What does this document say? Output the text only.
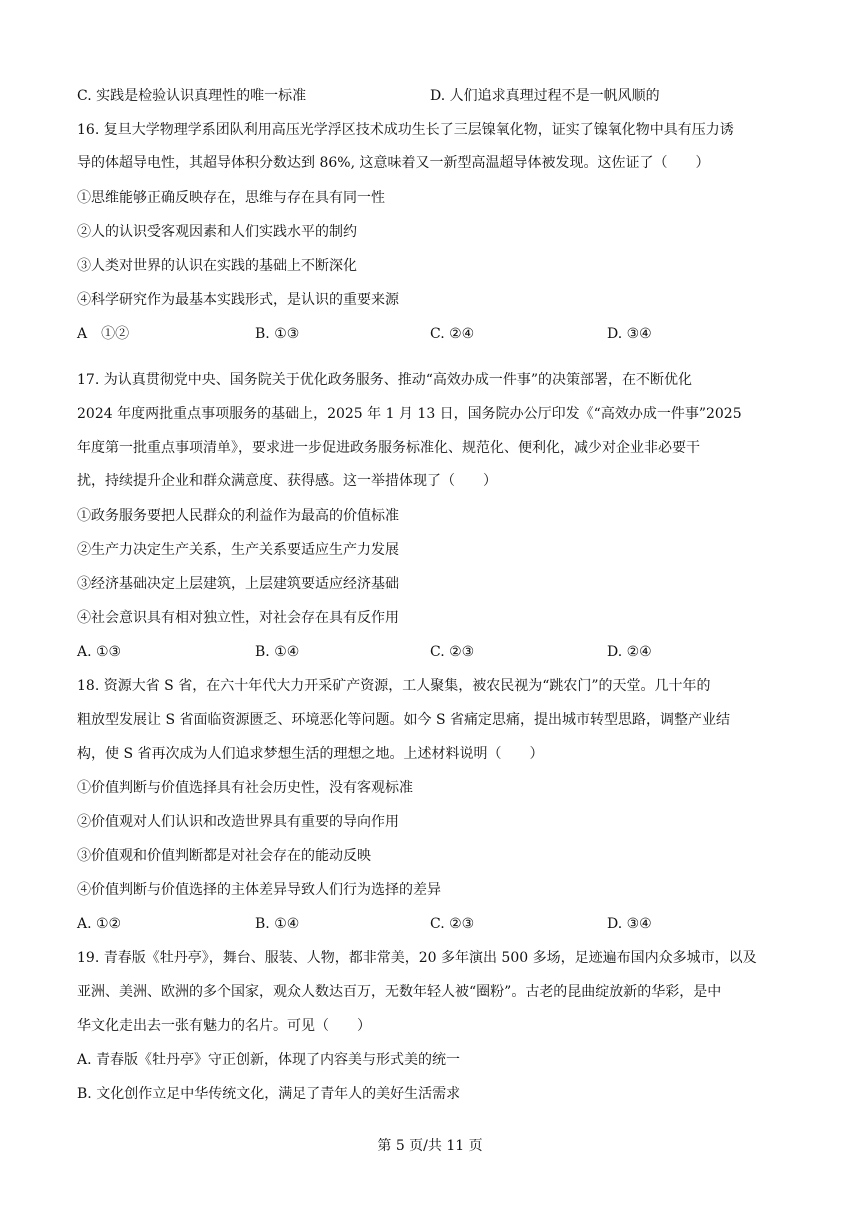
C. 实践是检验认识真理性的唯一标准	D. 人们追求真理过程不是一帆风顺的
16. 复旦大学物理学系团队利用高压光学浮区技术成功生长了三层镍氧化物，证实了镍氧化物中具有压力诱
导的体超导电性，其超导体积分数达到 86%, 这意味着又一新型高温超导体被发现。这佐证了（　　）
①思维能够正确反映存在，思维与存在具有同一性
②人的认识受客观因素和人们实践水平的制约
③人类对世界的认识在实践的基础上不断深化
④科学研究作为最基本实践形式，是认识的重要来源
A　①②	B. ①③	C. ②④	D. ③④
17. 为认真贯彻党中央、国务院关于优化政务服务、推动“高效办成一件事”的决策部署，在不断优化
2024 年度两批重点事项服务的基础上，2025 年 1 月 13 日，国务院办公厅印发《“高效办成一件事”2025
年度第一批重点事项清单》，要求进一步促进政务服务标准化、规范化、便利化，减少对企业非必要干
扰，持续提升企业和群众满意度、获得感。这一举措体现了（　　）
①政务服务要把人民群众的利益作为最高的价值标准
②生产力决定生产关系，生产关系要适应生产力发展
③经济基础决定上层建筑，上层建筑要适应经济基础
④社会意识具有相对独立性，对社会存在具有反作用
A. ①③	B. ①④	C. ②③	D. ②④
18. 资源大省 S 省，在六十年代大力开采矿产资源，工人聚集，被农民视为“跳农门”的天堂。几十年的
粗放型发展让 S 省面临资源匮乏、环境恶化等问题。如今 S 省痛定思痛，提出城市转型思路，调整产业结
构，使 S 省再次成为人们追求梦想生活的理想之地。上述材料说明（　　）
①价值判断与价值选择具有社会历史性，没有客观标准
②价值观对人们认识和改造世界具有重要的导向作用
③价值观和价值判断都是对社会存在的能动反映
④价值判断与价值选择的主体差异导致人们行为选择的差异
A. ①②	B. ①④	C. ②③	D. ③④
19. 青春版《牡丹亭》，舞台、服装、人物，都非常美，20 多年演出 500 多场，足迹遍布国内众多城市，以及
亚洲、美洲、欧洲的多个国家，观众人数达百万，无数年轻人被“圈粉”。古老的昆曲绽放新的华彩，是中
华文化走出去一张有魅力的名片。可见（　　）
A. 青春版《牡丹亭》守正创新，体现了内容美与形式美的统一
B. 文化创作立足中华传统文化，满足了青年人的美好生活需求
第 5 页/共 11 页
